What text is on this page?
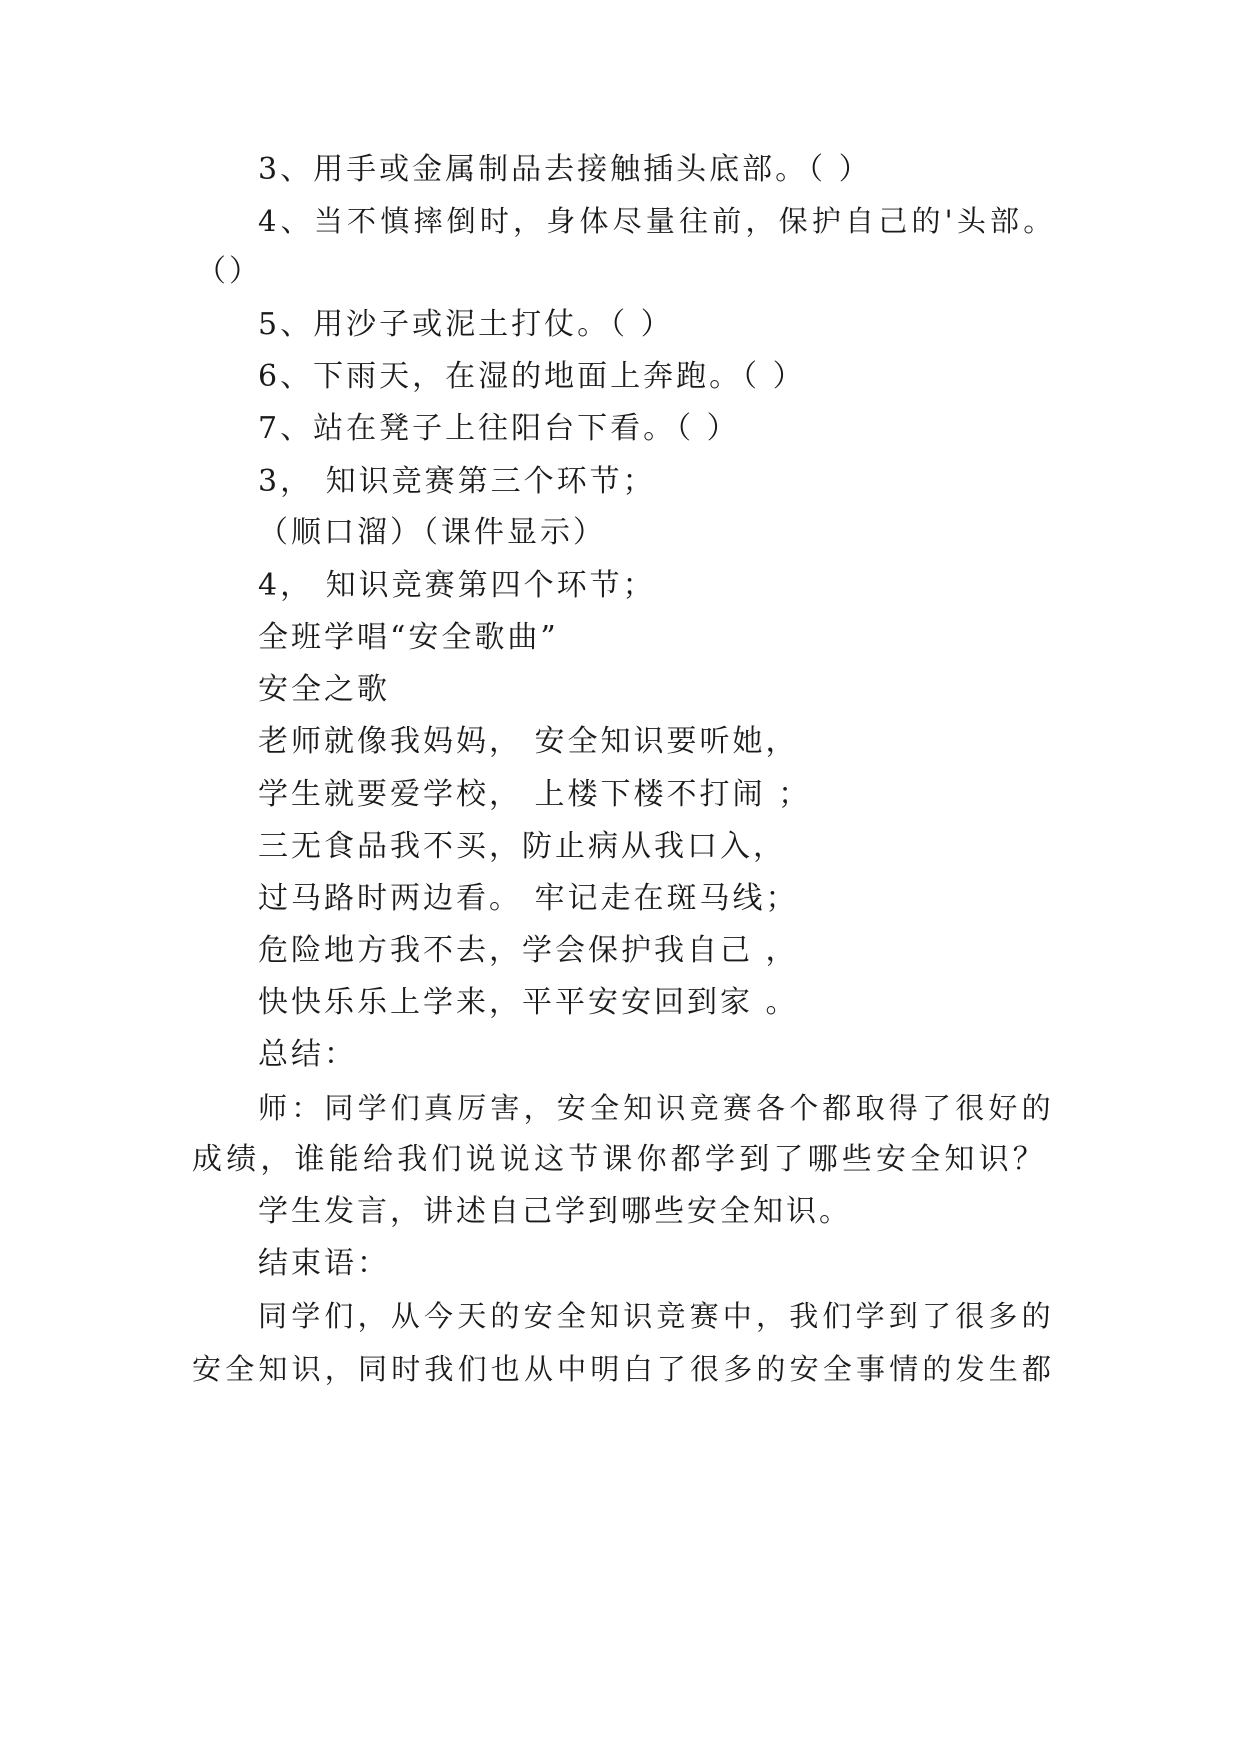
3、用手或金属制品去接触插头底部。（ ）
4、当不慎摔倒时，身体尽量往前，保护自己的'头部。
（）
5、用沙子或泥土打仗。（ ）
6、下雨天，在湿的地面上奔跑。（ ）
7、站在凳子上往阳台下看。（ ）
3， 知识竞赛第三个环节；
（顺口溜）（课件显示）
4， 知识竞赛第四个环节；
全班学唱“安全歌曲”
安全之歌
老师就像我妈妈， 安全知识要听她，
学生就要爱学校， 上楼下楼不打闹 ；
三无食品我不买，防止病从我口入，
过马路时两边看。 牢记走在斑马线；
危险地方我不去，学会保护我自己 ，
快快乐乐上学来，平平安安回到家 。
总结：
师：同学们真厉害，安全知识竞赛各个都取得了很好的
成绩，谁能给我们说说这节课你都学到了哪些安全知识？
学生发言，讲述自己学到哪些安全知识。
结束语：
同学们，从今天的安全知识竞赛中，我们学到了很多的
安全知识，同时我们也从中明白了很多的安全事情的发生都
